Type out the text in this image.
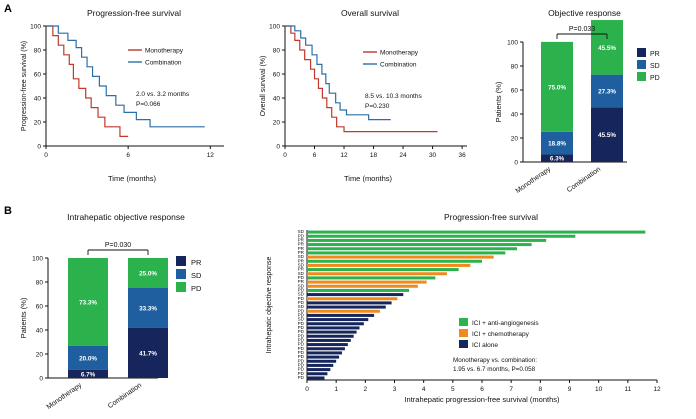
A
B
Progression-free survival
0
20
40
60
80
100
0	6	12
Progression-free survival (%)	Monotherapy
Combination
2.0 vs. 3.2 months
P=0.066
Time (months)
Overall survival
0
20
40
60
80
100
0	6	12	18	24	30	36
Overall survival (%)
Monotherapy
Combination
8.5 vs. 10.3 months
P=0.230
Time (months)
Objective response
0
20
40
60
80
100
Patients (%)
6.3%
18.8%
75.0%
Monotherapy
45.5%
27.3%
45.5%
Combination
P=0.033
PR
SD
PD
Intrahepatic objective response
0
20
40
60
80
100
Patients (%)
6.7%
20.0%
73.3%
Monotherapy
41.7%
33.3%
25.0%
Combination
P=0.030
PR
SD
PD
Progression-free survival
0	1	2	3	4	5	6	7	8	9	10	11	12
Intrahepatic progression-free survival (months)
Intrahepatic objective response
SD
PD
PR
PR
PR
PR
SD
PR
SD
PR
SD
PD
PR
SD
PD
SD
PD
PD
SD
PD
PD
SD
PD
PD
PD
PD
PD
PD
PD
PD
PD
PD
PD
PD
PD
PD
ICI + anti-angiogenesis
ICI + chemotherapy
ICI alone
Monotherapy vs. combination:
1.95 vs. 6.7 months, P=0.058
